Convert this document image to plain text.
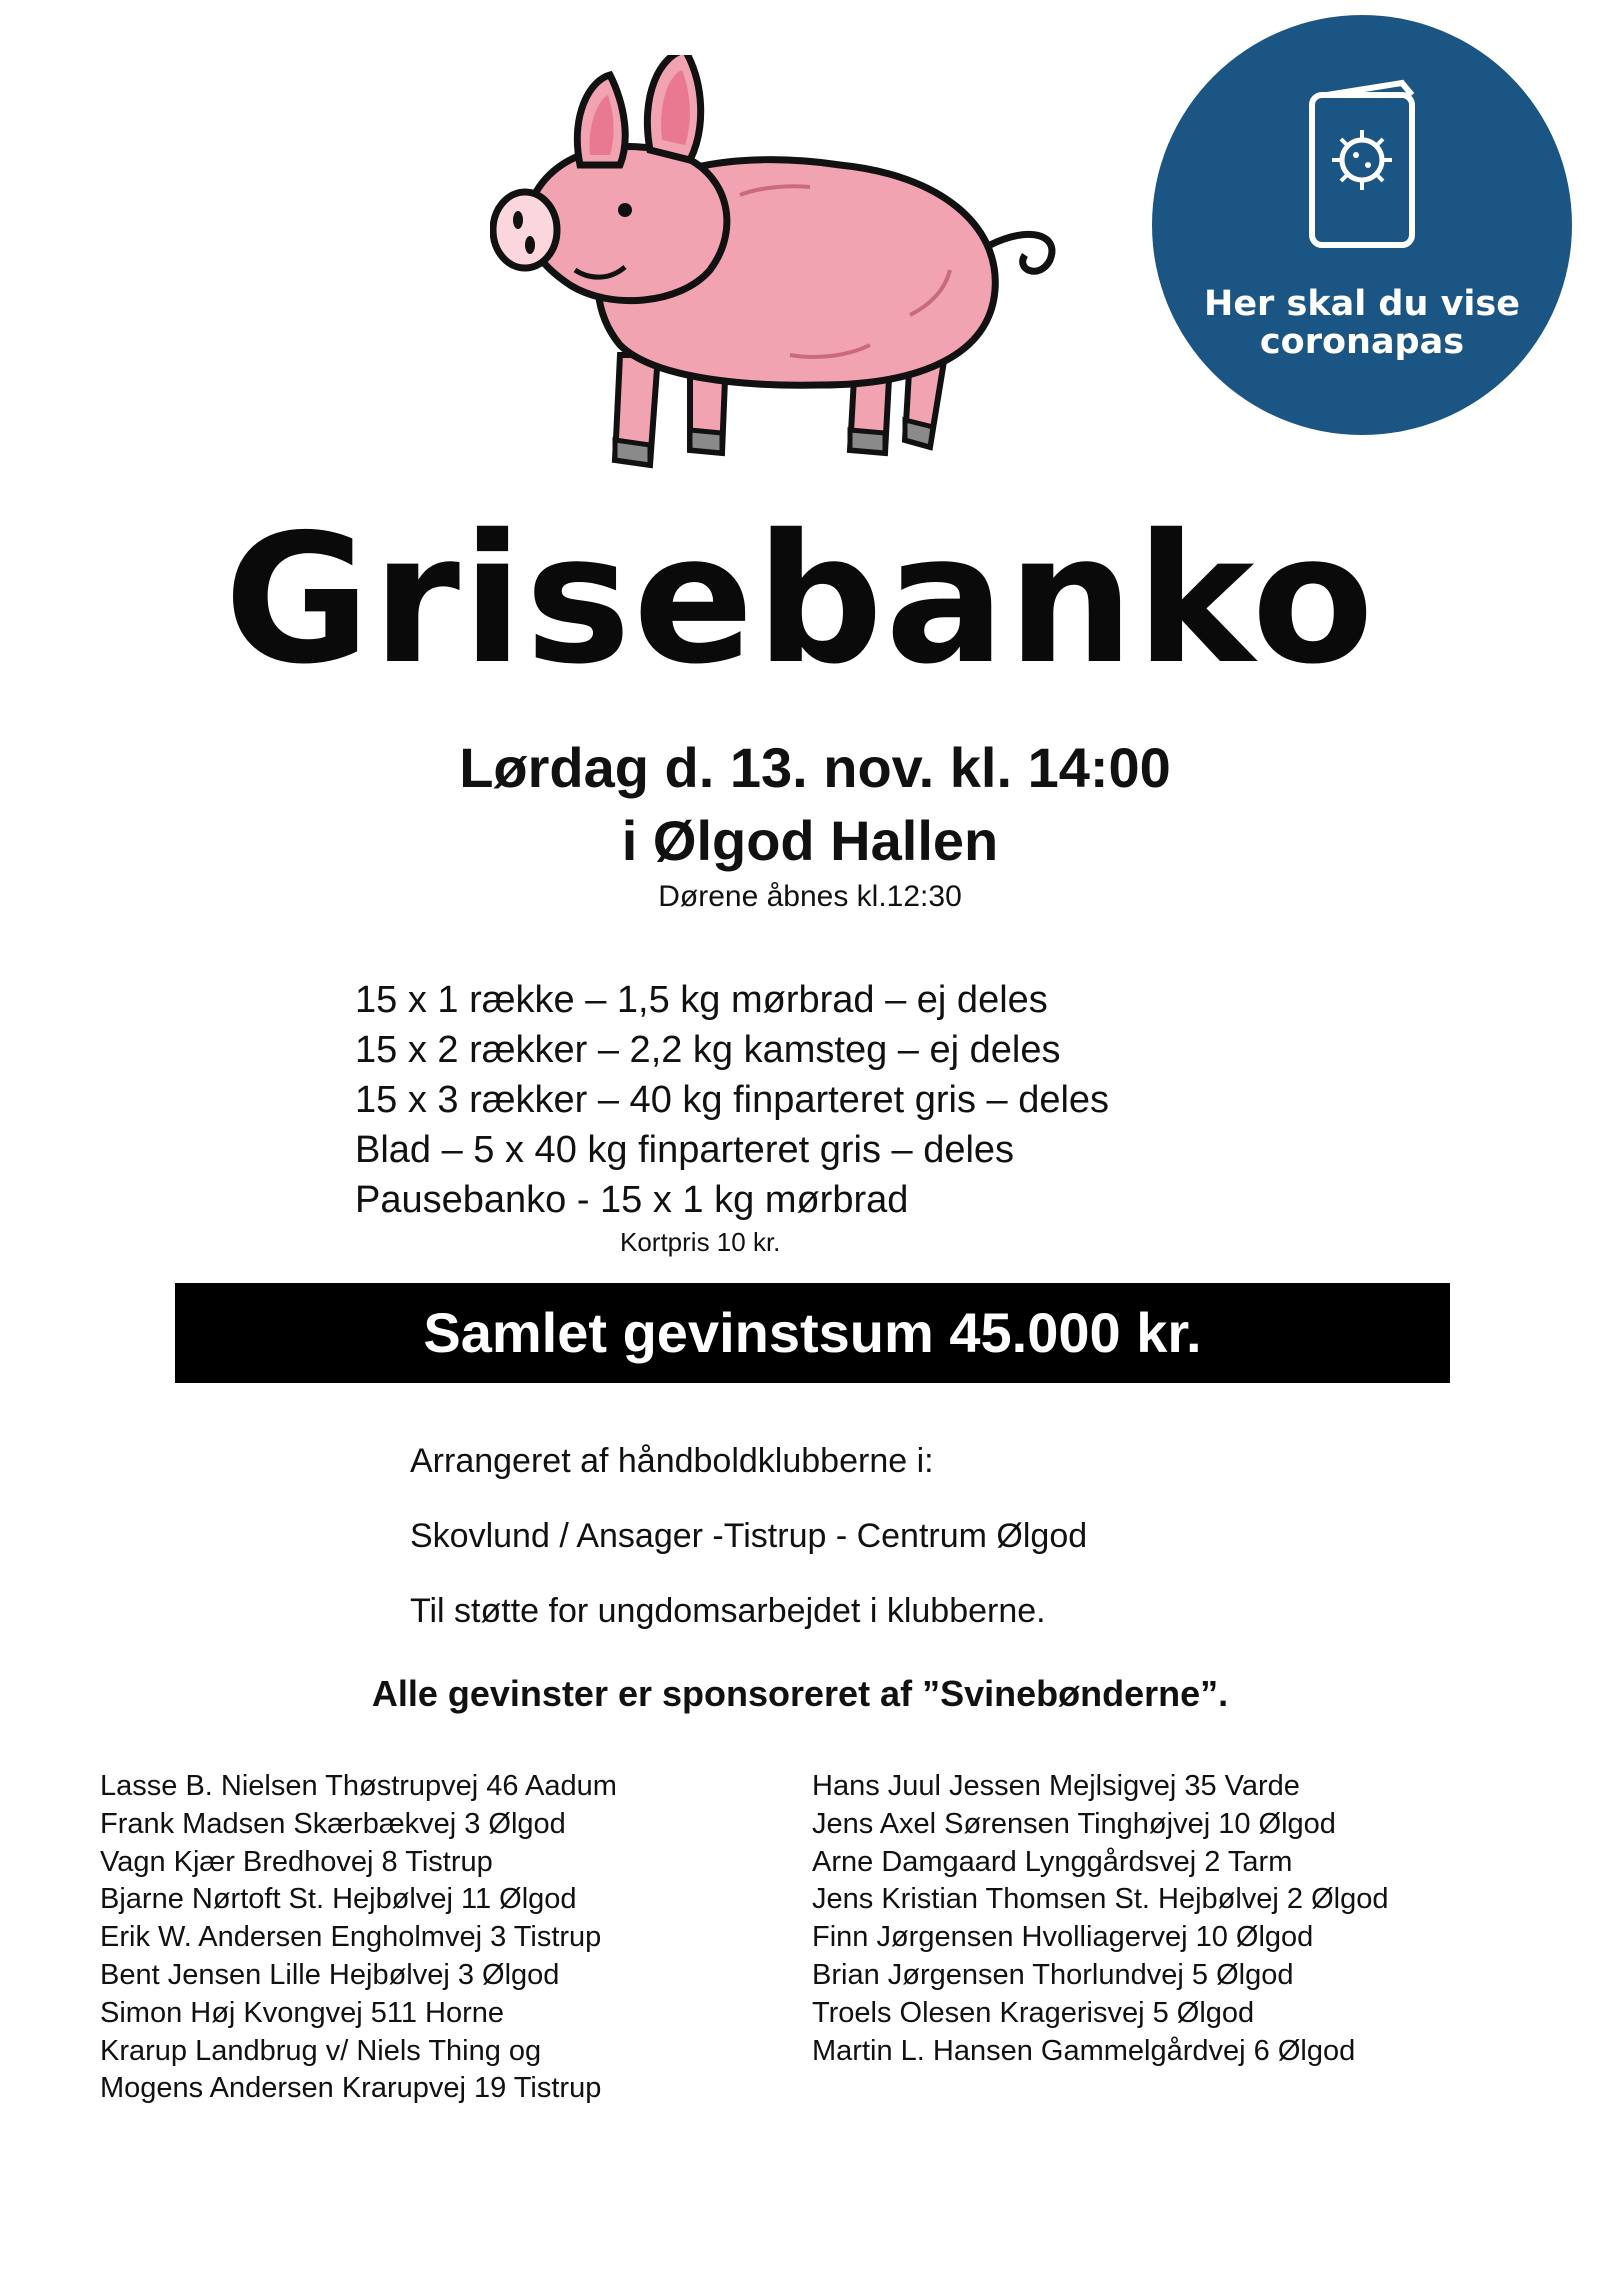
Her skal du vise
coronapas
Grisebanko
Lørdag d. 13. nov. kl. 14:00
i Ølgod Hallen
Dørene åbnes kl.12:30
15 x 1 række – 1,5 kg mørbrad – ej deles
15 x 2 rækker – 2,2 kg kamsteg – ej deles
15 x 3 rækker – 40 kg finparteret gris – deles
Blad – 5 x 40 kg finparteret gris – deles
Pausebanko - 15 x 1 kg mørbrad
Kortpris 10 kr.
Samlet gevinstsum 45.000 kr.
Arrangeret af håndboldklubberne i:
Skovlund / Ansager -Tistrup - Centrum Ølgod
Til støtte for ungdomsarbejdet i klubberne.
Alle gevinster er sponsoreret af ”Svinebønderne”.
Lasse B. Nielsen Thøstrupvej 46 Aadum
Frank Madsen Skærbækvej 3 Ølgod
Vagn Kjær Bredhovej 8 Tistrup
Bjarne Nørtoft St. Hejbølvej 11 Ølgod
Erik W. Andersen Engholmvej 3 Tistrup
Bent Jensen Lille Hejbølvej 3 Ølgod
Simon Høj Kvongvej 511 Horne
Krarup Landbrug v/ Niels Thing og
Mogens Andersen Krarupvej 19 Tistrup
Hans Juul Jessen Mejlsigvej 35 Varde
Jens Axel Sørensen Tinghøjvej 10 Ølgod
Arne Damgaard Lynggårdsvej 2 Tarm
Jens Kristian Thomsen St. Hejbølvej 2 Ølgod
Finn Jørgensen Hvolliagervej 10 Ølgod
Brian Jørgensen Thorlundvej 5 Ølgod
Troels Olesen Kragerisvej 5 Ølgod
Martin L. Hansen Gammelgårdvej 6 Ølgod
